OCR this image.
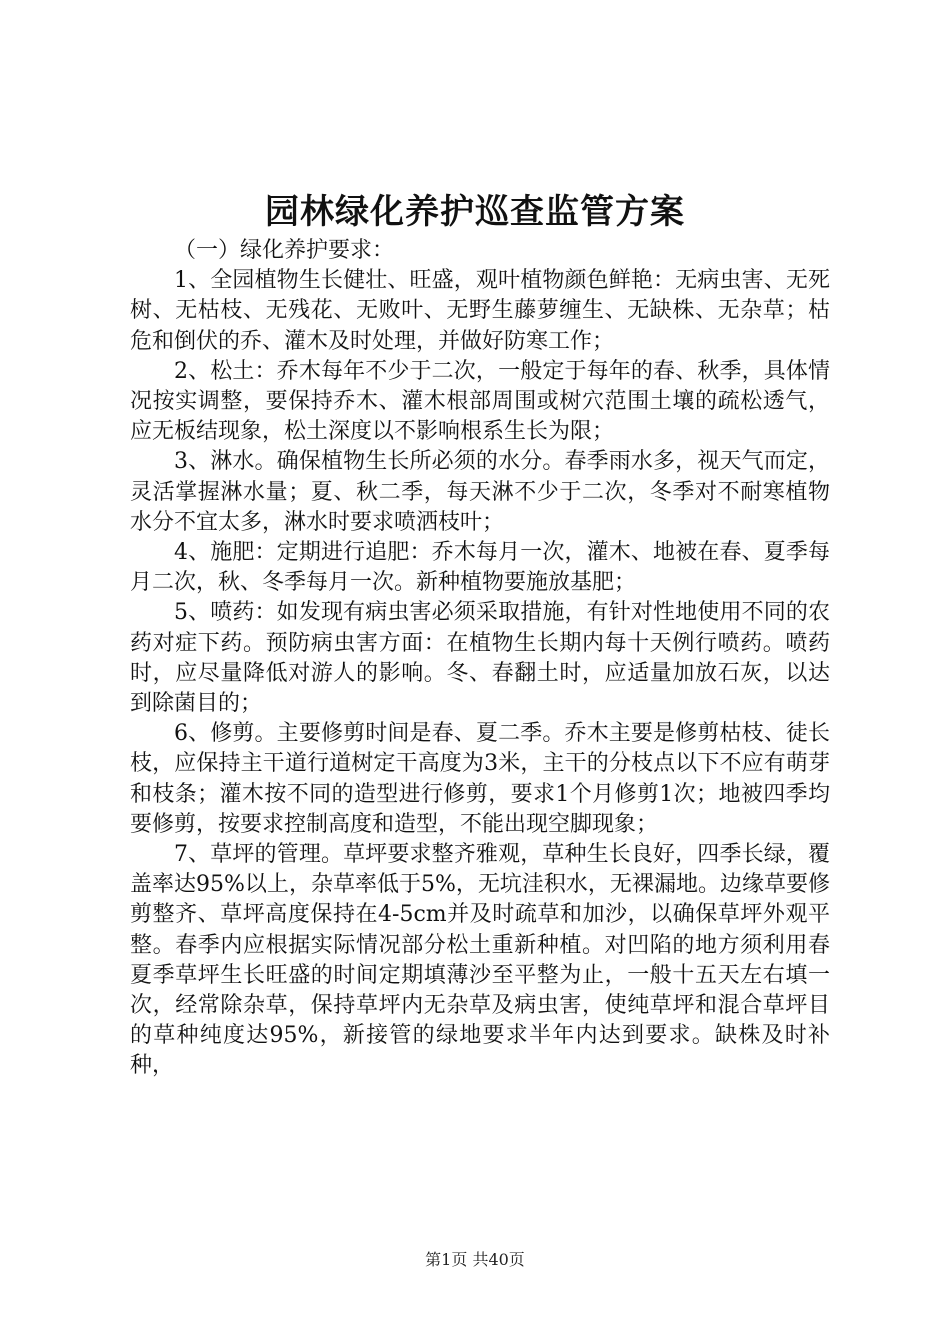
园林绿化养护巡查监管方案

（一）绿化养护要求：

1、全园植物生长健壮、旺盛，观叶植物颜色鲜艳：无病虫害、无死树、无枯枝、无残花、无败叶、无野生藤萝缠生、无缺株、无杂草；枯危和倒伏的乔、灌木及时处理，并做好防寒工作；

2、松土：乔木每年不少于二次，一般定于每年的春、秋季，具体情况按实调整，要保持乔木、灌木根部周围或树穴范围土壤的疏松透气，应无板结现象，松土深度以不影响根系生长为限；

3、淋水。确保植物生长所必须的水分。春季雨水多，视天气而定，灵活掌握淋水量；夏、秋二季，每天淋不少于二次，冬季对不耐寒植物水分不宜太多，淋水时要求喷洒枝叶；

4、施肥：定期进行追肥：乔木每月一次，灌木、地被在春、夏季每月二次，秋、冬季每月一次。新种植物要施放基肥；

5、喷药：如发现有病虫害必须采取措施，有针对性地使用不同的农药对症下药。预防病虫害方面：在植物生长期内每十天例行喷药。喷药时，应尽量降低对游人的影响。冬、春翻土时，应适量加放石灰，以达到除菌目的；

6、修剪。主要修剪时间是春、夏二季。乔木主要是修剪枯枝、徒长枝，应保持主干道行道树定干高度为3米，主干的分枝点以下不应有萌芽和枝条；灌木按不同的造型进行修剪，要求1个月修剪1次；地被四季均要修剪，按要求控制高度和造型，不能出现空脚现象；

7、草坪的管理。草坪要求整齐雅观，草种生长良好，四季长绿，覆盖率达95%以上，杂草率低于5%，无坑洼积水，无裸漏地。边缘草要修剪整齐、草坪高度保持在4-5cm并及时疏草和加沙，以确保草坪外观平整。春季内应根据实际情况部分松土重新种植。对凹陷的地方须利用春夏季草坪生长旺盛的时间定期填薄沙至平整为止，一般十五天左右填一次，经常除杂草，保持草坪内无杂草及病虫害，使纯草坪和混合草坪目的草种纯度达95%，新接管的绿地要求半年内达到要求。缺株及时补种，

第1页 共40页
